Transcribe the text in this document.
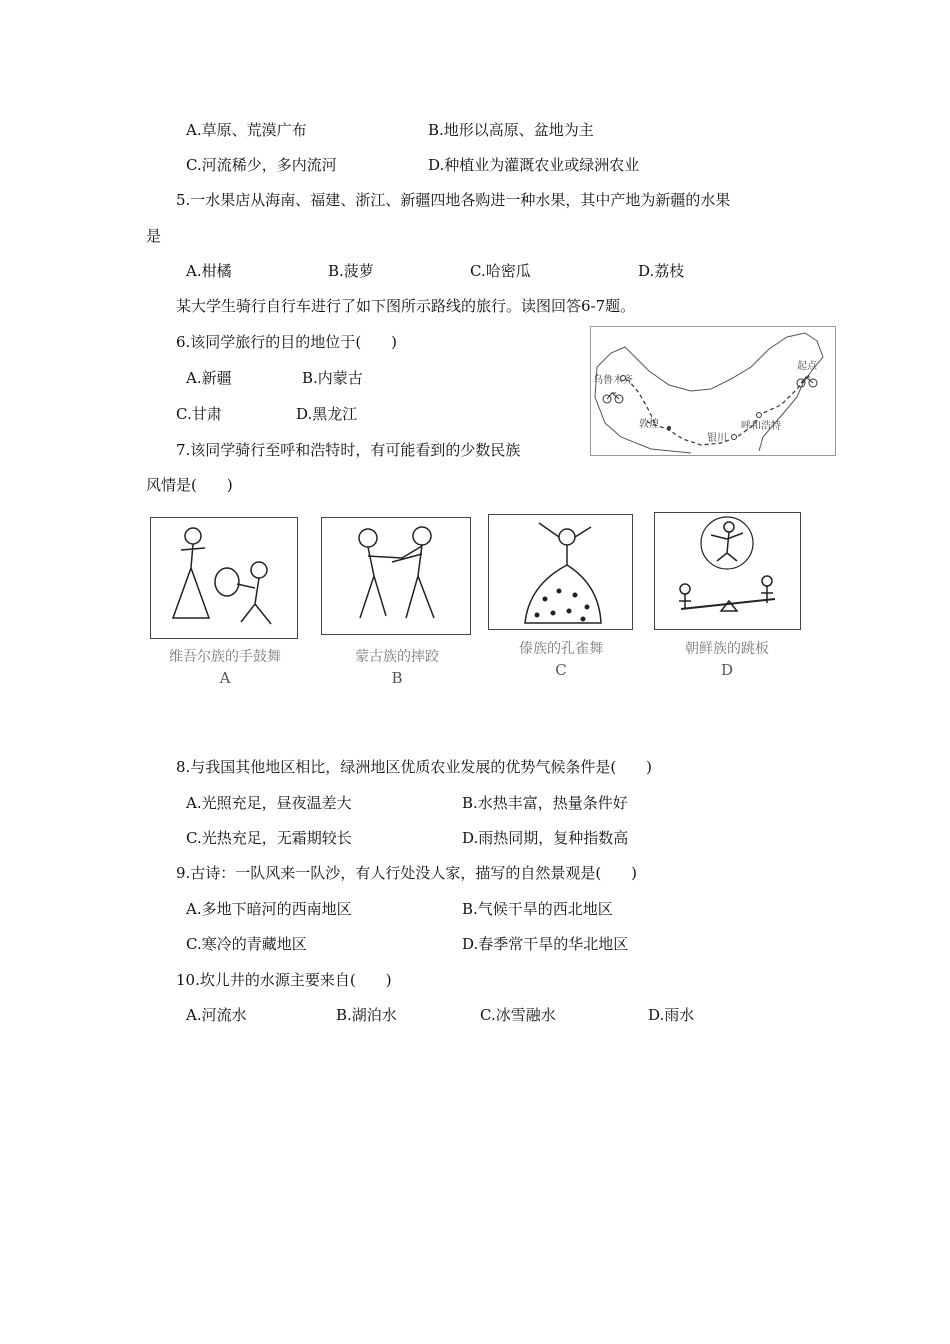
A.草原、荒漠广布	B.地形以高原、盆地为主
C.河流稀少，多内流河	D.种植业为灌溉农业或绿洲农业
5.一水果店从海南、福建、浙江、新疆四地各购进一种水果，其中产地为新疆的水果
是
A.柑橘	B.菠萝	C.哈密瓜	D.荔枝
某大学生骑行自行车进行了如下图所示路线的旅行。读图回答6-7题。
6.该同学旅行的目的地位于(　　)
A.新疆	B.内蒙古
C.甘肃	D.黑龙江
乌鲁木齐
起点
敦煌
银川
呼和浩特
7.该同学骑行至呼和浩特时，有可能看到的少数民族
风情是(　　)
维吾尔族的手鼓舞
A
蒙古族的摔跤
B
傣族的孔雀舞
C
朝鲜族的跳板
D
8.与我国其他地区相比，绿洲地区优质农业发展的优势气候条件是(　　)
A.光照充足，昼夜温差大	B.水热丰富，热量条件好
C.光热充足，无霜期较长	D.雨热同期，复种指数高
9.古诗：一队风来一队沙，有人行处没人家，描写的自然景观是(　　)
A.多地下暗河的西南地区	B.气候干旱的西北地区
C.寒冷的青藏地区	D.春季常干旱的华北地区
10.坎儿井的水源主要来自(　　)
A.河流水	B.湖泊水	C.冰雪融水	D.雨水
